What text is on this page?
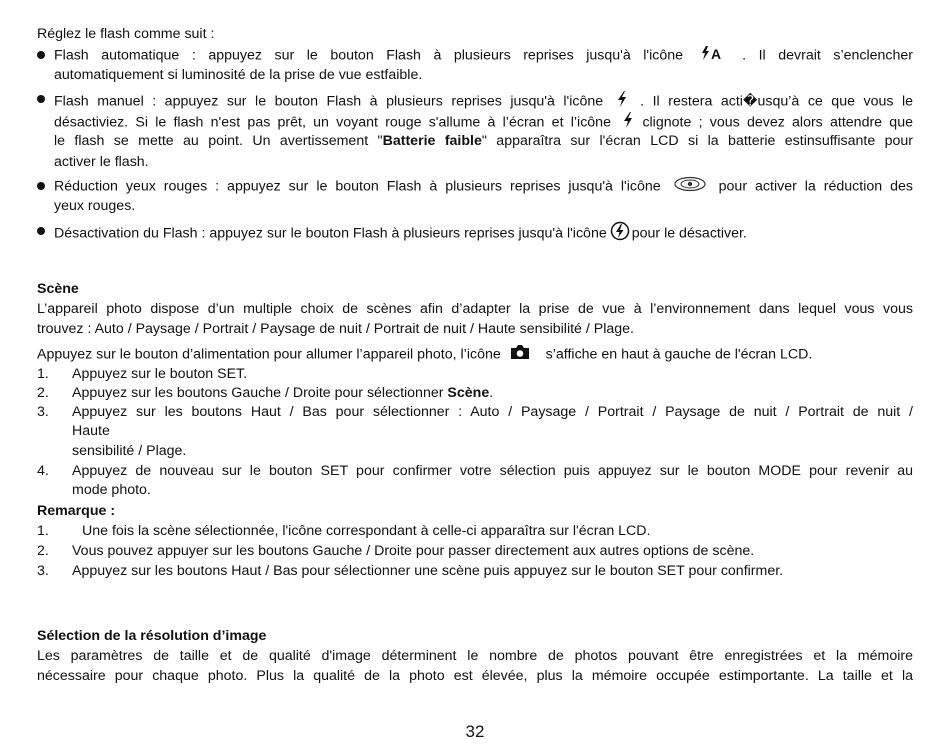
Réglez le flash comme suit :
Flash automatique : appuyez sur le bouton Flash à plusieurs reprises jusqu'à l'icône A . Il devrait s’enclencher
automatiquement si luminosité de la prise de vue estfaible.
Flash manuel : appuyez sur le bouton Flash à plusieurs reprises jusqu'à l'icône	. Il restera acti�usqu’à ce que vous le
désactiviez. Si le flash n'est pas prêt, un voyant rouge s'allume à l’écran et l’icône clignote ; vous devez alors attendre que
le flash se mette au point. Un avertissement "Batterie faible" apparaîtra sur l'écran LCD si la batterie estinsuffisante pour
activer le flash.
Réduction yeux rouges : appuyez sur le bouton Flash à plusieurs reprises jusqu'à l'icône	pour activer la réduction des
yeux rouges.
Désactivation du Flash : appuyez sur le bouton Flash à plusieurs reprises jusqu'à l'icône pour le désactiver.
Scène
L’appareil photo dispose d’un multiple choix de scènes afin d’adapter la prise de vue à l’environnement dans lequel vous vous
trouvez : Auto / Paysage / Portrait / Paysage de nuit / Portrait de nuit / Haute sensibilité / Plage.
Appuyez sur le bouton d’alimentation pour allumer l’appareil photo, l’icône	s’affiche en haut à gauche de l'écran LCD.
1. Appuyez sur le bouton SET.
2. Appuyez sur les boutons Gauche / Droite pour sélectionner Scène.
3. Appuyez sur les boutons Haut / Bas pour sélectionner : Auto / Paysage / Portrait / Paysage de nuit / Portrait de nuit /
Haute
sensibilité / Plage.
4. Appuyez de nouveau sur le bouton SET pour confirmer votre sélection puis appuyez sur le bouton MODE pour revenir au
mode photo.
Remarque :
1. Une fois la scène sélectionnée, l'icône correspondant à celle-ci apparaîtra sur l'écran LCD.
2. Vous pouvez appuyer sur les boutons Gauche / Droite pour passer directement aux autres options de scène.
3. Appuyez sur les boutons Haut / Bas pour sélectionner une scène puis appuyez sur le bouton SET pour confirmer.
Sélection de la résolution d’image
Les paramètres de taille et de qualité d'image déterminent le nombre de photos pouvant être enregistrées et la mémoire
nécessaire pour chaque photo. Plus la qualité de la photo est élevée, plus la mémoire occupée estimportante. La taille et la
32
